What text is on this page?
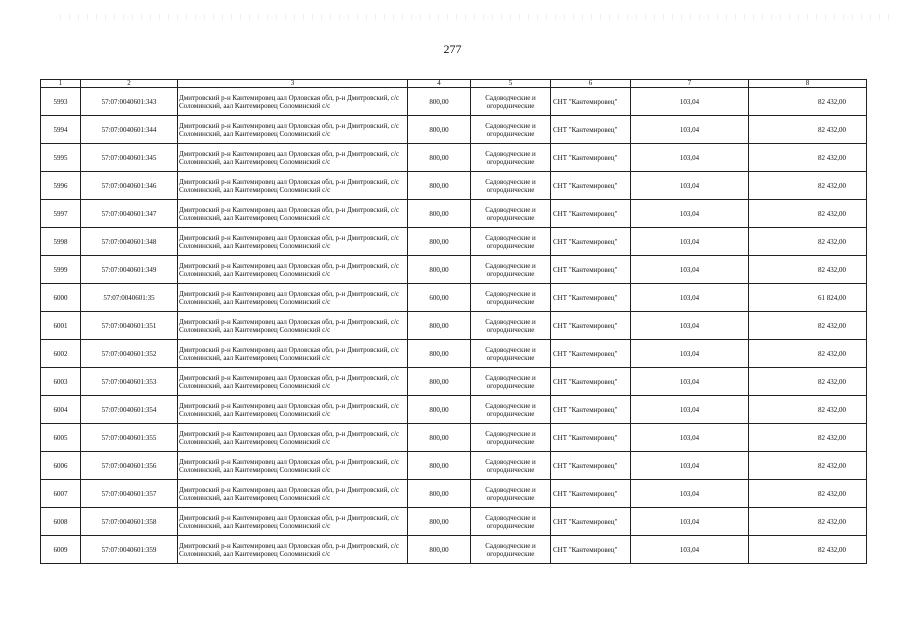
277
1	2	3	4	5	6	7	8
5993	57:07:0040601:343	Дмитровский р-н Кантемировец аал Орловская обл, р-н Дмитровский, с/с Соломинский, аал Кантемировец Соломинский с/с	800,00	Садоводческие и огороднические	СНТ "Кантемировец"	103,04	82 432,00
5994	57:07:0040601:344	Дмитровский р-н Кантемировец аал Орловская обл, р-н Дмитровский, с/с Соломинский, аал Кантемировец Соломинский с/с	800,00	Садоводческие и огороднические	СНТ "Кантемировец"	103,04	82 432,00
5995	57:07:0040601:345	Дмитровский р-н Кантемировец аал Орловская обл, р-н Дмитровский, с/с Соломинский, аал Кантемировец Соломинский с/с	800,00	Садоводческие и огороднические	СНТ "Кантемировец"	103,04	82 432,00
5996	57:07:0040601:346	Дмитровский р-н Кантемировец аал Орловская обл, р-н Дмитровский, с/с Соломинский, аал Кантемировец Соломинский с/с	800,00	Садоводческие и огороднические	СНТ "Кантемировец"	103,04	82 432,00
5997	57:07:0040601:347	Дмитровский р-н Кантемировец аал Орловская обл, р-н Дмитровский, с/с Соломинский, аал Кантемировец Соломинский с/с	800,00	Садоводческие и огороднические	СНТ "Кантемировец"	103,04	82 432,00
5998	57:07:0040601:348	Дмитровский р-н Кантемировец аал Орловская обл, р-н Дмитровский, с/с Соломинский, аал Кантемировец Соломинский с/с	800,00	Садоводческие и огороднические	СНТ "Кантемировец"	103,04	82 432,00
5999	57:07:0040601:349	Дмитровский р-н Кантемировец аал Орловская обл, р-н Дмитровский, с/с Соломинский, аал Кантемировец Соломинский с/с	800,00	Садоводческие и огороднические	СНТ "Кантемировец"	103,04	82 432,00
6000	57:07:0040601:35	Дмитровский р-н Кантемировец аал Орловская обл, р-н Дмитровский, с/с Соломинский, аал Кантемировец Соломинский с/с	600,00	Садоводческие и огороднические	СНТ "Кантемировец"	103,04	61 824,00
6001	57:07:0040601:351	Дмитровский р-н Кантемировец аал Орловская обл, р-н Дмитровский, с/с Соломинский, аал Кантемировец Соломинский с/с	800,00	Садоводческие и огороднические	СНТ "Кантемировец"	103,04	82 432,00
6002	57:07:0040601:352	Дмитровский р-н Кантемировец аал Орловская обл, р-н Дмитровский, с/с Соломинский, аал Кантемировец Соломинский с/с	800,00	Садоводческие и огороднические	СНТ "Кантемировец"	103,04	82 432,00
6003	57:07:0040601:353	Дмитровский р-н Кантемировец аал Орловская обл, р-н Дмитровский, с/с Соломинский, аал Кантемировец Соломинский с/с	800,00	Садоводческие и огороднические	СНТ "Кантемировец"	103,04	82 432,00
6004	57:07:0040601:354	Дмитровский р-н Кантемировец аал Орловская обл, р-н Дмитровский, с/с Соломинский, аал Кантемировец Соломинский с/с	800,00	Садоводческие и огороднические	СНТ "Кантемировец"	103,04	82 432,00
6005	57:07:0040601:355	Дмитровский р-н Кантемировец аал Орловская обл, р-н Дмитровский, с/с Соломинский, аал Кантемировец Соломинский с/с	800,00	Садоводческие и огороднические	СНТ "Кантемировец"	103,04	82 432,00
6006	57:07:0040601:356	Дмитровский р-н Кантемировец аал Орловская обл, р-н Дмитровский, с/с Соломинский, аал Кантемировец Соломинский с/с	800,00	Садоводческие и огороднические	СНТ "Кантемировец"	103,04	82 432,00
6007	57:07:0040601:357	Дмитровский р-н Кантемировец аал Орловская обл, р-н Дмитровский, с/с Соломинский, аал Кантемировец Соломинский с/с	800,00	Садоводческие и огороднические	СНТ "Кантемировец"	103,04	82 432,00
6008	57:07:0040601:358	Дмитровский р-н Кантемировец аал Орловская обл, р-н Дмитровский, с/с Соломинский, аал Кантемировец Соломинский с/с	800,00	Садоводческие и огороднические	СНТ "Кантемировец"	103,04	82 432,00
6009	57:07:0040601:359	Дмитровский р-н Кантемировец аал Орловская обл, р-н Дмитровский, с/с Соломинский, аал Кантемировец Соломинский с/с	800,00	Садоводческие и огороднические	СНТ "Кантемировец"	103,04	82 432,00
